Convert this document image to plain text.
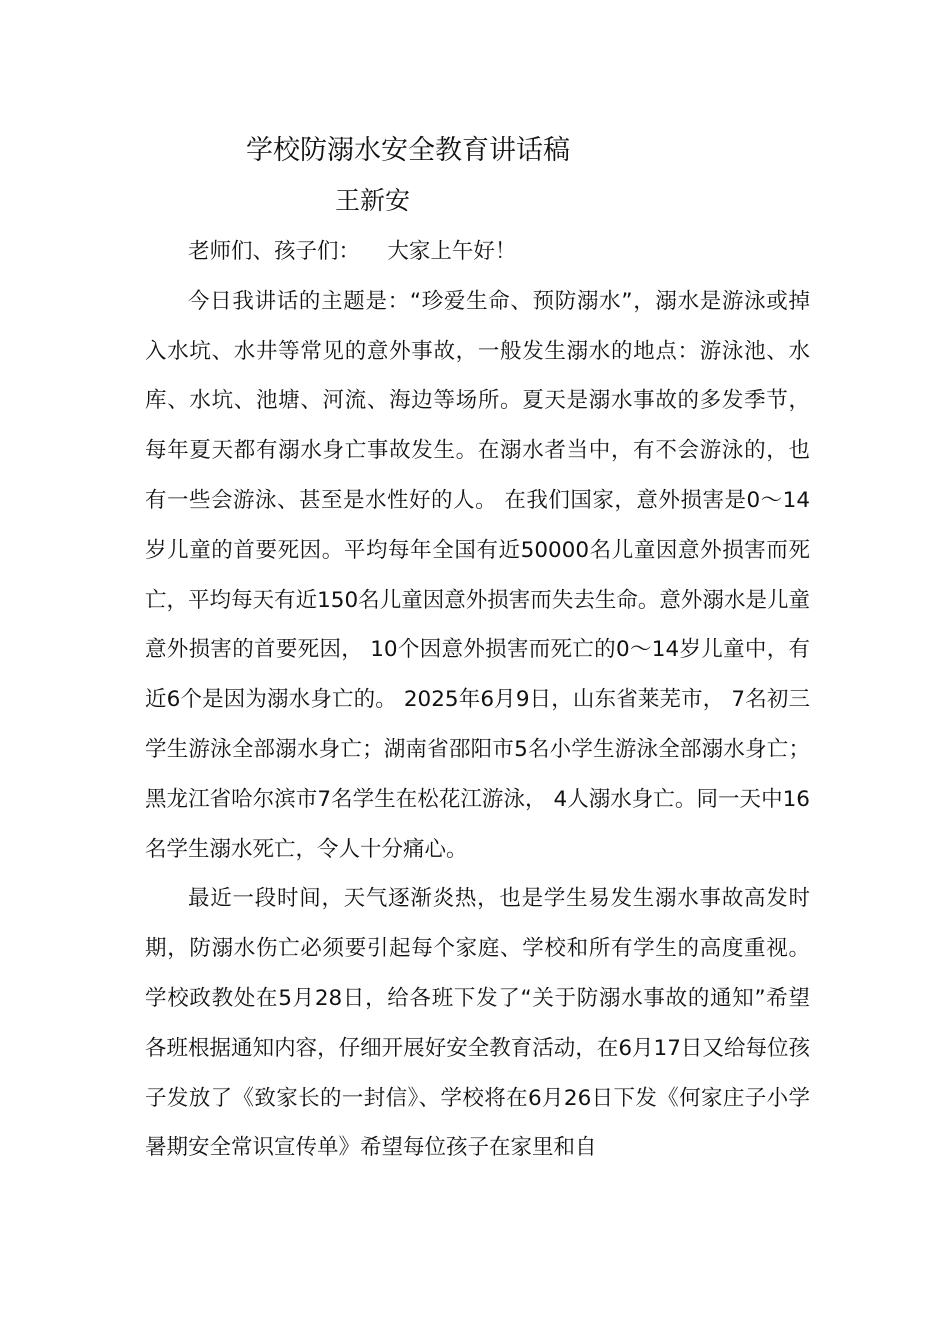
学校防溺水安全教育讲话稿
王新安

老师们、孩子们：    大家上午好！

今日我讲话的主题是：“珍爱生命、预防溺水”，溺水是游泳或掉入水坑、水井等常见的意外事故，一般发生溺水的地点：游泳池、水库、水坑、池塘、河流、海边等场所。夏天是溺水事故的多发季节，每年夏天都有溺水身亡事故发生。在溺水者当中，有不会游泳的，也有一些会游泳、甚至是水性好的人。 在我们国家，意外损害是0～14岁儿童的首要死因。平均每年全国有近50000名儿童因意外损害而死亡，平均每天有近150名儿童因意外损害而失去生命。意外溺水是儿童意外损害的首要死因， 10个因意外损害而死亡的0～14岁儿童中，有近6个是因为溺水身亡的。 2025年6月9日，山东省莱芜市， 7名初三学生游泳全部溺水身亡；湖南省邵阳市5名小学生游泳全部溺水身亡；黑龙江省哈尔滨市7名学生在松花江游泳， 4人溺水身亡。同一天中16名学生溺水死亡，令人十分痛心。

最近一段时间，天气逐渐炎热，也是学生易发生溺水事故高发时期，防溺水伤亡必须要引起每个家庭、学校和所有学生的高度重视。学校政教处在5月28日，给各班下发了“关于防溺水事故的通知”希望各班根据通知内容，仔细开展好安全教育活动，在6月17日又给每位孩子发放了《致家长的一封信》、学校将在6月26日下发《何家庄子小学暑期安全常识宣传单》希望每位孩子在家里和自
